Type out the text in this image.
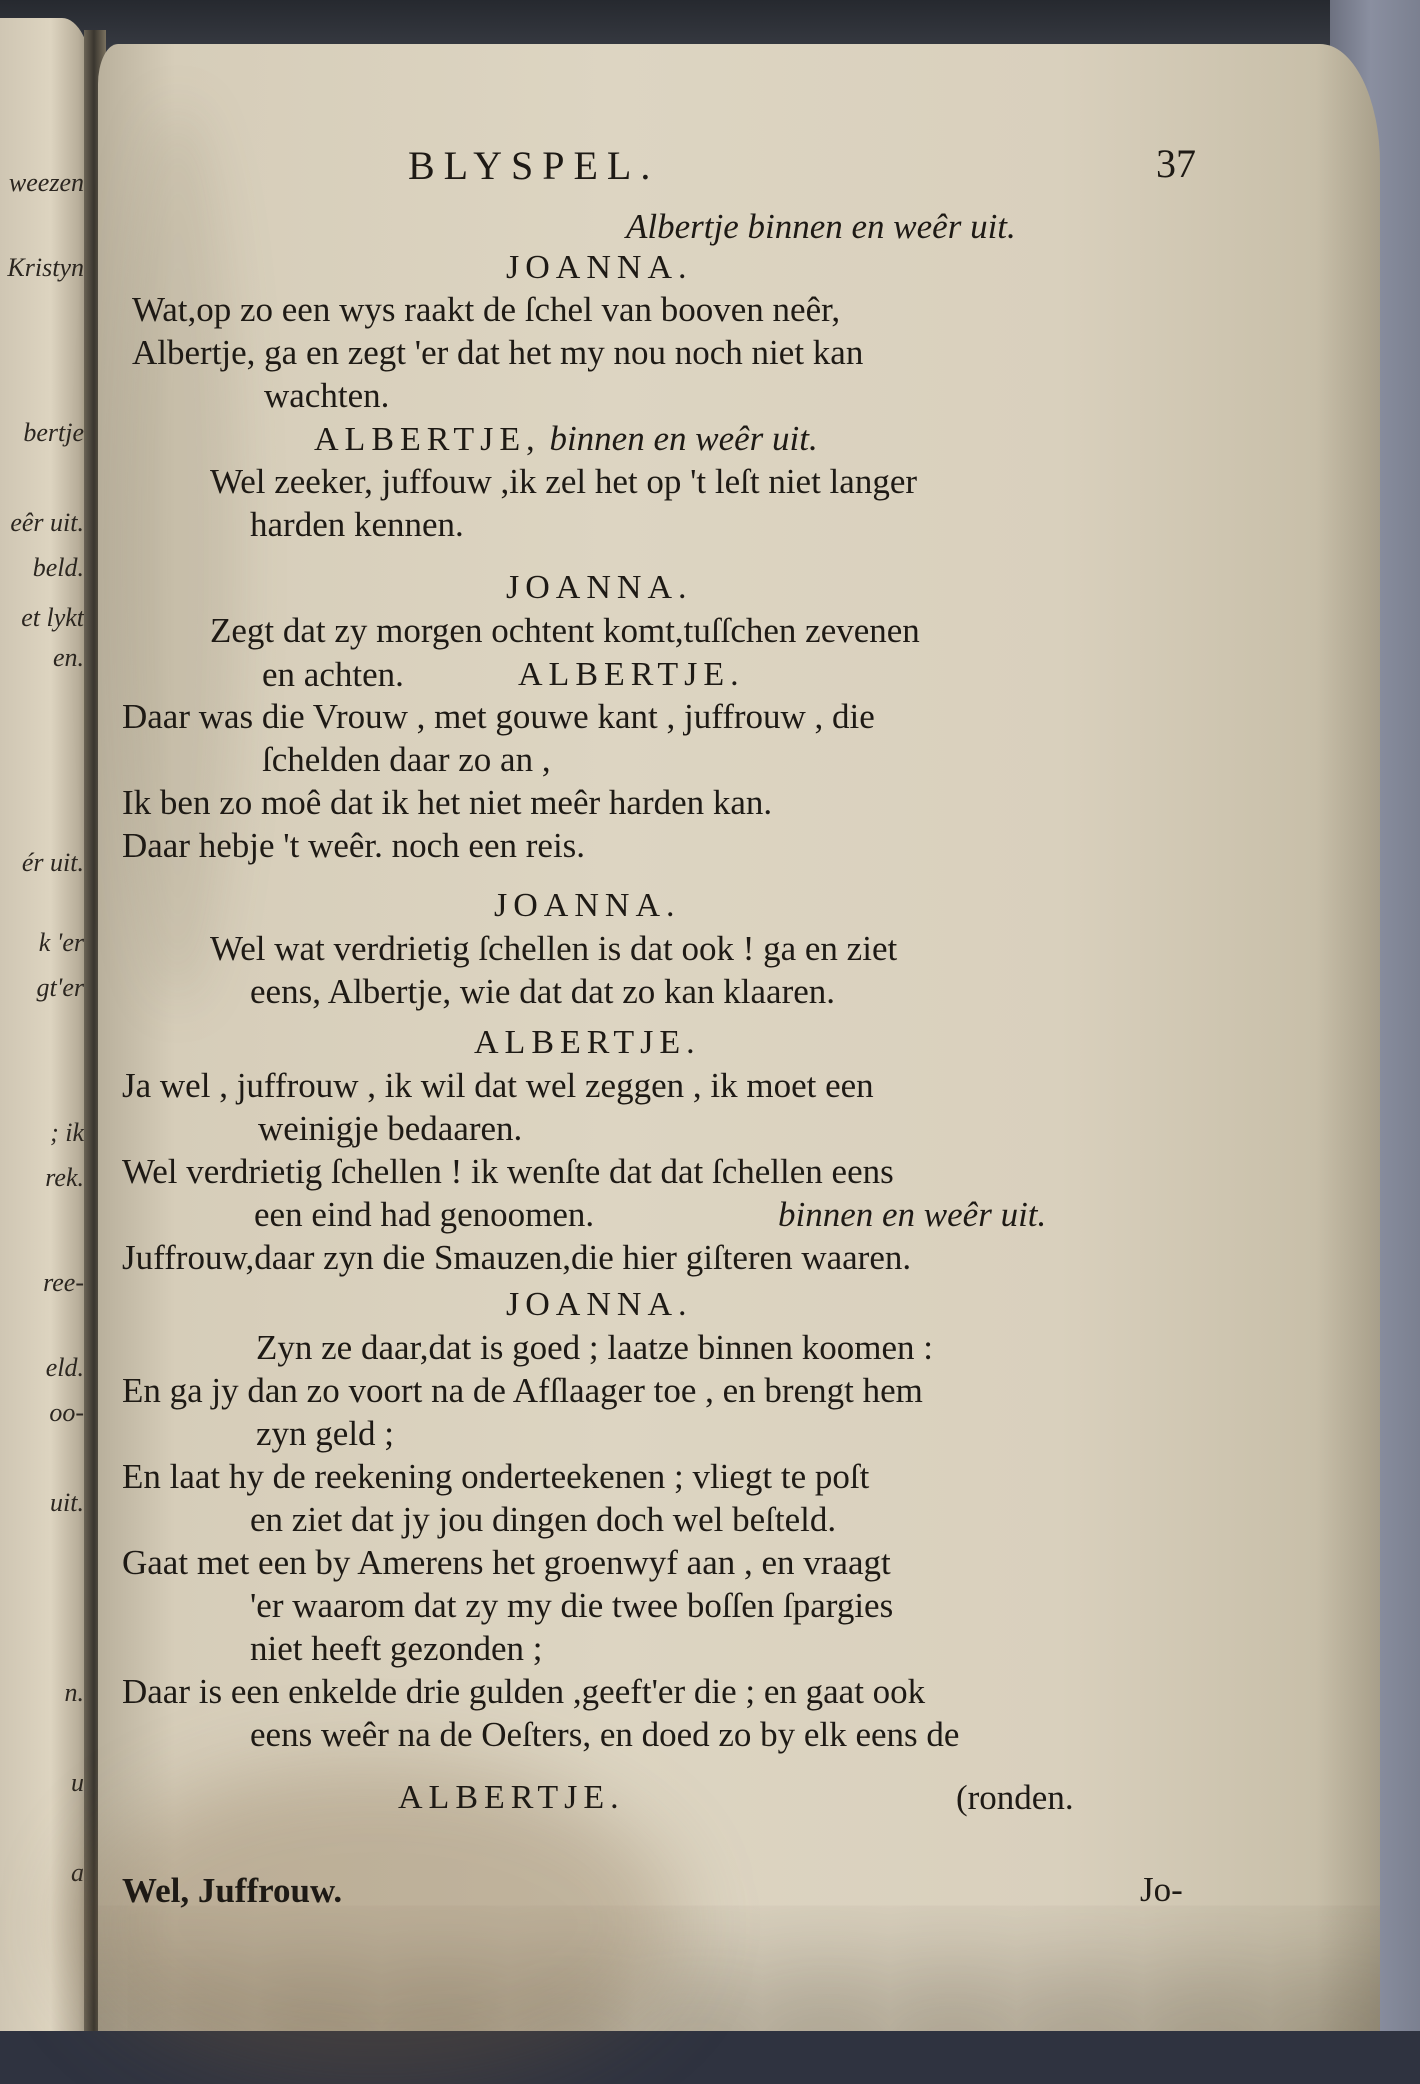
weezen
Kristyn
bertje
eêr uit.
beld.
et lykt
en.
ér uit.
k 'er
gt'er
; ik
rek.
ree-
eld.
oo-
uit.
n.
u
a
BLYSPEL.	37
Albertje binnen en weêr uit.
JOANNA.
Wat,op zo een wys raakt de ſchel van booven neêr,
Albertje, ga en zegt 'er dat het my nou noch niet kan
wachten.
ALBERTJE, binnen en weêr uit.
Wel zeeker, juffouw ,ik zel het op 't leſt niet langer
harden kennen.
JOANNA.
Zegt dat zy morgen ochtent komt,tuſſchen zevenen
en achten.	ALBERTJE.
Daar was die Vrouw , met gouwe kant , juffrouw , die
ſchelden daar zo an ,
Ik ben zo moê dat ik het niet meêr harden kan.
Daar hebje 't weêr. noch een reis.
JOANNA.
Wel wat verdrietig ſchellen is dat ook ! ga en ziet
eens, Albertje, wie dat dat zo kan klaaren.
ALBERTJE.
Ja wel , juffrouw , ik wil dat wel zeggen , ik moet een
weinigje bedaaren.
Wel verdrietig ſchellen ! ik wenſte dat dat ſchellen eens
een eind had genoomen.	binnen en weêr uit.
Juffrouw,daar zyn die Smauzen,die hier giſteren waaren.
JOANNA.
Zyn ze daar,dat is goed ; laatze binnen koomen :
En ga jy dan zo voort na de Afſlaager toe , en brengt hem
zyn geld ;
En laat hy de reekening onderteekenen ; vliegt te poſt
en ziet dat jy jou dingen doch wel beſteld.
Gaat met een by Amerens het groenwyf aan , en vraagt
'er waarom dat zy my die twee boſſen ſpargies
niet heeft gezonden ;
Daar is een enkelde drie gulden ,geeft'er die ; en gaat ook
eens weêr na de Oeſters, en doed zo by elk eens de
ALBERTJE.	(ronden.
Wel, Juffrouw.	Jo-
